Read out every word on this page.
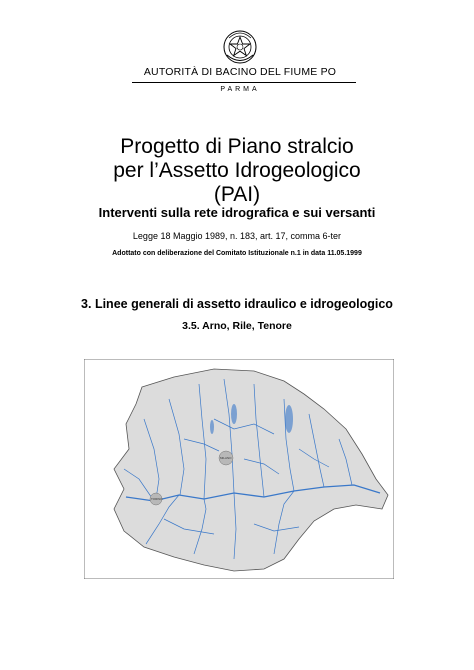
AUTORITÀ DI BACINO DEL FIUME PO
PARMA
Progetto di Piano stralcio
per l’Assetto Idrogeologico
(PAI)
Interventi sulla rete idrografica e sui versanti
Legge 18 Maggio 1989, n. 183, art. 17, comma 6-ter
Adottato con deliberazione del Comitato Istituzionale n.1 in data 11.05.1999
3. Linee generali di assetto idraulico e idrogeologico
3.5. Arno, Rile, Tenore
MILANO
TORINO
